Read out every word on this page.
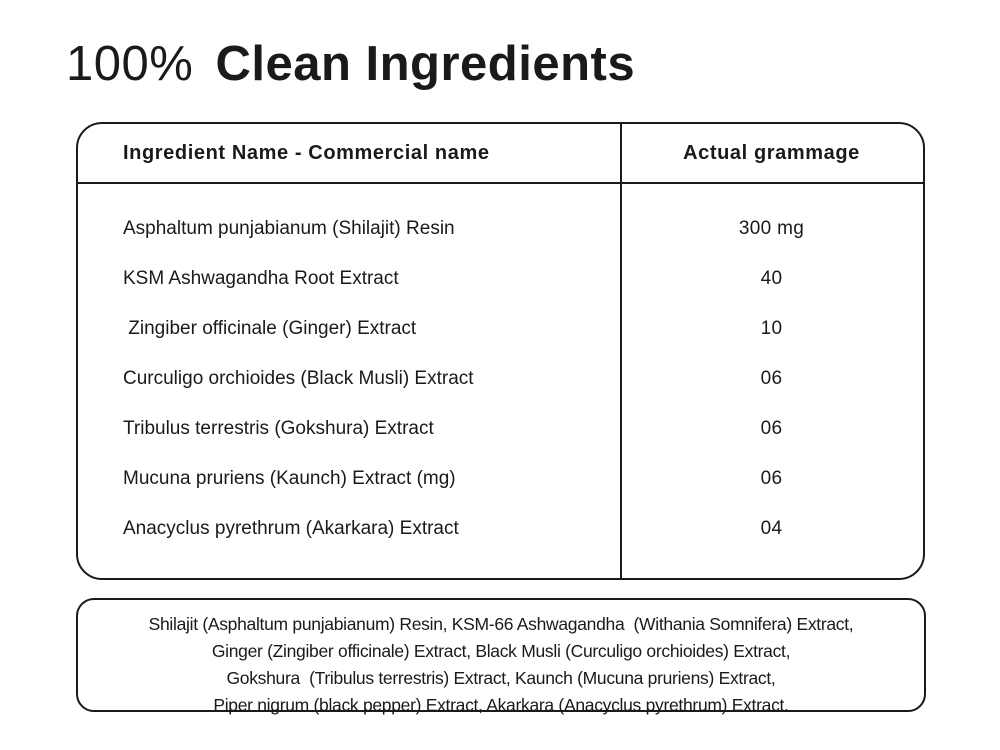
100% Clean Ingredients
Ingredient Name - Commercial name	Actual grammage
Asphaltum punjabianum (Shilajit) Resin	300 mg
KSM Ashwagandha Root Extract	40
Zingiber officinale (Ginger) Extract	10
Curculigo orchioides (Black Musli) Extract	06
Tribulus terrestris (Gokshura) Extract	06
Mucuna pruriens (Kaunch) Extract (mg)	06
Anacyclus pyrethrum (Akarkara) Extract	04
Shilajit (Asphaltum punjabianum) Resin, KSM-66 Ashwagandha  (Withania Somnifera) Extract,
Ginger (Zingiber officinale) Extract, Black Musli (Curculigo orchioides) Extract,
Gokshura  (Tribulus terrestris) Extract, Kaunch (Mucuna pruriens) Extract,
Piper nigrum (black pepper) Extract, Akarkara (Anacyclus pyrethrum) Extract.
